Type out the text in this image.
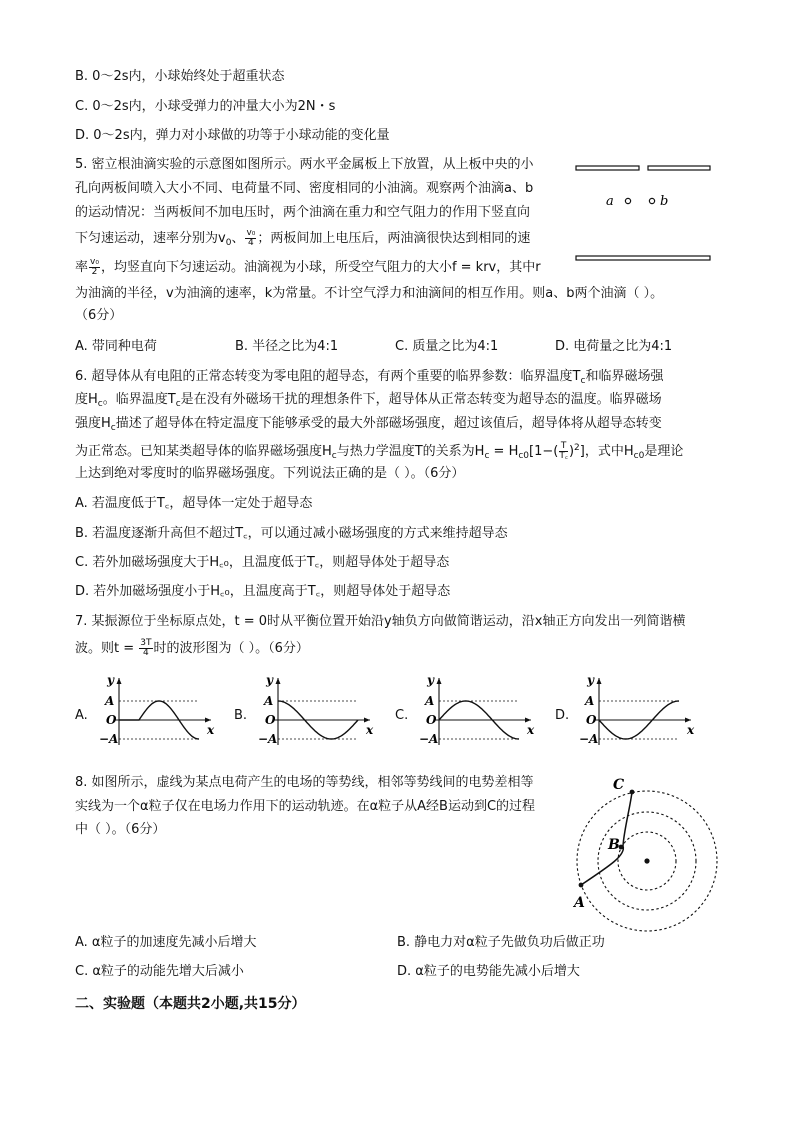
B. 0～2s内，小球始终处于超重状态
C. 0～2s内，小球受弹力的冲量大小为2N・s
D. 0～2s内，弹力对小球做的功等于小球动能的变化量
5. 密立根油滴实验的示意图如图所示。两水平金属板上下放置，从上板中央的小
孔向两板间喷入大小不同、电荷量不同、密度相同的小油滴。观察两个油滴a、b
的运动情况：当两板间不加电压时，两个油滴在重力和空气阻力的作用下竖直向
下匀速运动，速率分别为$v_0$、 $\frac{\text{v₀}}{4}$ ；两板间加上电压后，两油滴很快达到相同的速
率 $\frac{\text{v₀}}{2}$ ，均竖直向下匀速运动。油滴视为小球，所受空气阻力的大小f = krv，其中r
为油滴的半径，v为油滴的速率，k为常量。不计空气浮力和油滴间的相互作用。则a、b两个油滴（ ）。
（6分）
a	b
A. 带同种电荷	B. 半径之比为4:1	C. 质量之比为4:1	D. 电荷量之比为4:1
6. 超导体从有电阻的正常态转变为零电阻的超导态，有两个重要的临界参数：临界温度$T_c$和临界磁场强
度$H_c$。临界温度$T_c$是在没有外磁场干扰的理想条件下，超导体从正常态转变为超导态的温度。临界磁场
强度$H_c$描述了超导体在特定温度下能够承受的最大外部磁场强度，超过该值后，超导体将从超导态转变
为正常态。已知某类超导体的临界磁场强度$H_c$与热力学温度T的关系为$H_c = H_{c0}[1-( \frac{T}{T꜀} )^2]$，式中$H_{c0}$是理论
上达到绝对零度时的临界磁场强度。下列说法正确的是（ ）。（6分）
A. 若温度低于T꜀，超导体一定处于超导态
B. 若温度逐渐升高但不超过T꜀，可以通过减小磁场强度的方式来维持超导态
C. 若外加磁场强度大于H꜀₀，且温度低于T꜀，则超导体处于超导态
D. 若外加磁场强度小于H꜀₀，且温度高于T꜀，则超导体处于超导态
7. 某振源位于坐标原点处，t = 0时从平衡位置开始沿y轴负方向做简谐运动，沿x轴正方向发出一列简谐横
波。则$t = \frac{3T}{4}$ 时的波形图为（ ）。（6分）
A.
y
A
O
−A
x
B.
y
A
O
−A
x
C.
y
A
O
−A
x
D.
y
A
O
−A
x
8. 如图所示，虚线为某点电荷产生的电场的等势线，相邻等势线间的电势差相等
实线为一个α粒子仅在电场力作用下的运动轨迹。在α粒子从A经B运动到C的过程
中（ ）。（6分）
A
B
C
A. α粒子的加速度先减小后增大	B. 静电力对α粒子先做负功后做正功
C. α粒子的动能先增大后减小	D. α粒子的电势能先减小后增大
二、实验题（本题共2小题,共15分）
